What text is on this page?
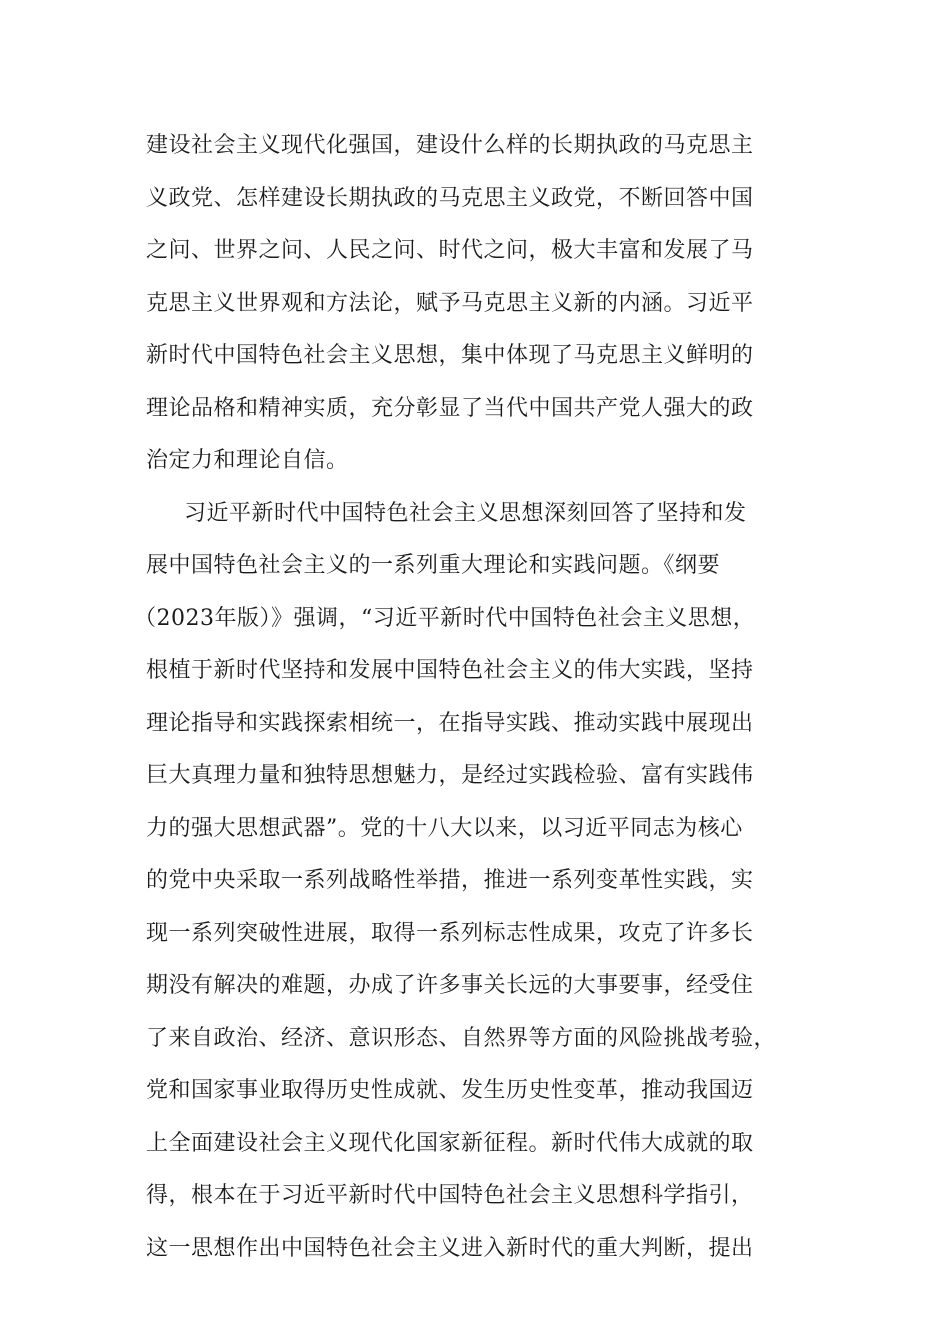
建设社会主义现代化强国，建设什么样的长期执政的马克思主
义政党、怎样建设长期执政的马克思主义政党，不断回答中国
之问、世界之问、人民之问、时代之问，极大丰富和发展了马
克思主义世界观和方法论，赋予马克思主义新的内涵。习近平
新时代中国特色社会主义思想，集中体现了马克思主义鲜明的
理论品格和精神实质，充分彰显了当代中国共产党人强大的政
治定力和理论自信。
习近平新时代中国特色社会主义思想深刻回答了坚持和发
展中国特色社会主义的一系列重大理论和实践问题。《纲要
（2023年版）》强调，“习近平新时代中国特色社会主义思想，
根植于新时代坚持和发展中国特色社会主义的伟大实践，坚持
理论指导和实践探索相统一，在指导实践、推动实践中展现出
巨大真理力量和独特思想魅力，是经过实践检验、富有实践伟
力的强大思想武器”。党的十八大以来，以习近平同志为核心
的党中央采取一系列战略性举措，推进一系列变革性实践，实
现一系列突破性进展，取得一系列标志性成果，攻克了许多长
期没有解决的难题，办成了许多事关长远的大事要事，经受住
了来自政治、经济、意识形态、自然界等方面的风险挑战考验，
党和国家事业取得历史性成就、发生历史性变革，推动我国迈
上全面建设社会主义现代化国家新征程。新时代伟大成就的取
得，根本在于习近平新时代中国特色社会主义思想科学指引，
这一思想作出中国特色社会主义进入新时代的重大判断，提出
